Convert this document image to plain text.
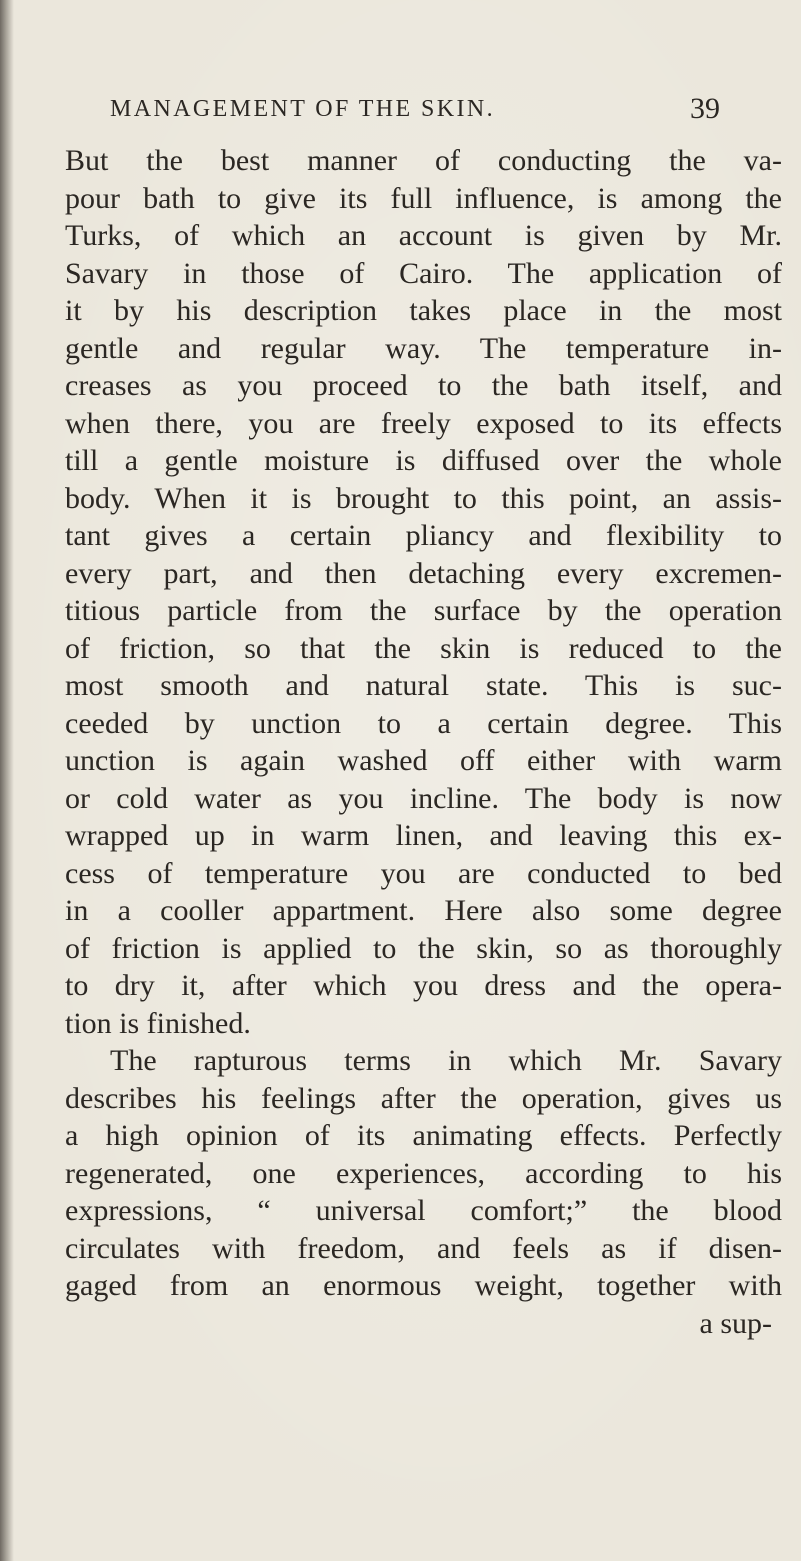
MANAGEMENT OF THE SKIN.	39
But the best manner of conducting the va-
pour bath to give its full influence, is among the
Turks, of which an account is given by Mr.
Savary in those of Cairo. The application of
it by his description takes place in the most
gentle and regular way. The temperature in-
creases as you proceed to the bath itself, and
when there, you are freely exposed to its effects
till a gentle moisture is diffused over the whole
body. When it is brought to this point, an assis-
tant gives a certain pliancy and flexibility to
every part, and then detaching every excremen-
titious particle from the surface by the operation
of friction, so that the skin is reduced to the
most smooth and natural state. This is suc-
ceeded by unction to a certain degree. This
unction is again washed off either with warm
or cold water as you incline. The body is now
wrapped up in warm linen, and leaving this ex-
cess of temperature you are conducted to bed
in a cooller appartment. Here also some degree
of friction is applied to the skin, so as thoroughly
to dry it, after which you dress and the opera-
tion is finished.
The rapturous terms in which Mr. Savary
describes his feelings after the operation, gives us
a high opinion of its animating effects. Perfectly
regenerated, one experiences, according to his
expressions, “ universal comfort;” the blood
circulates with freedom, and feels as if disen-
gaged from an enormous weight, together with
a sup-
